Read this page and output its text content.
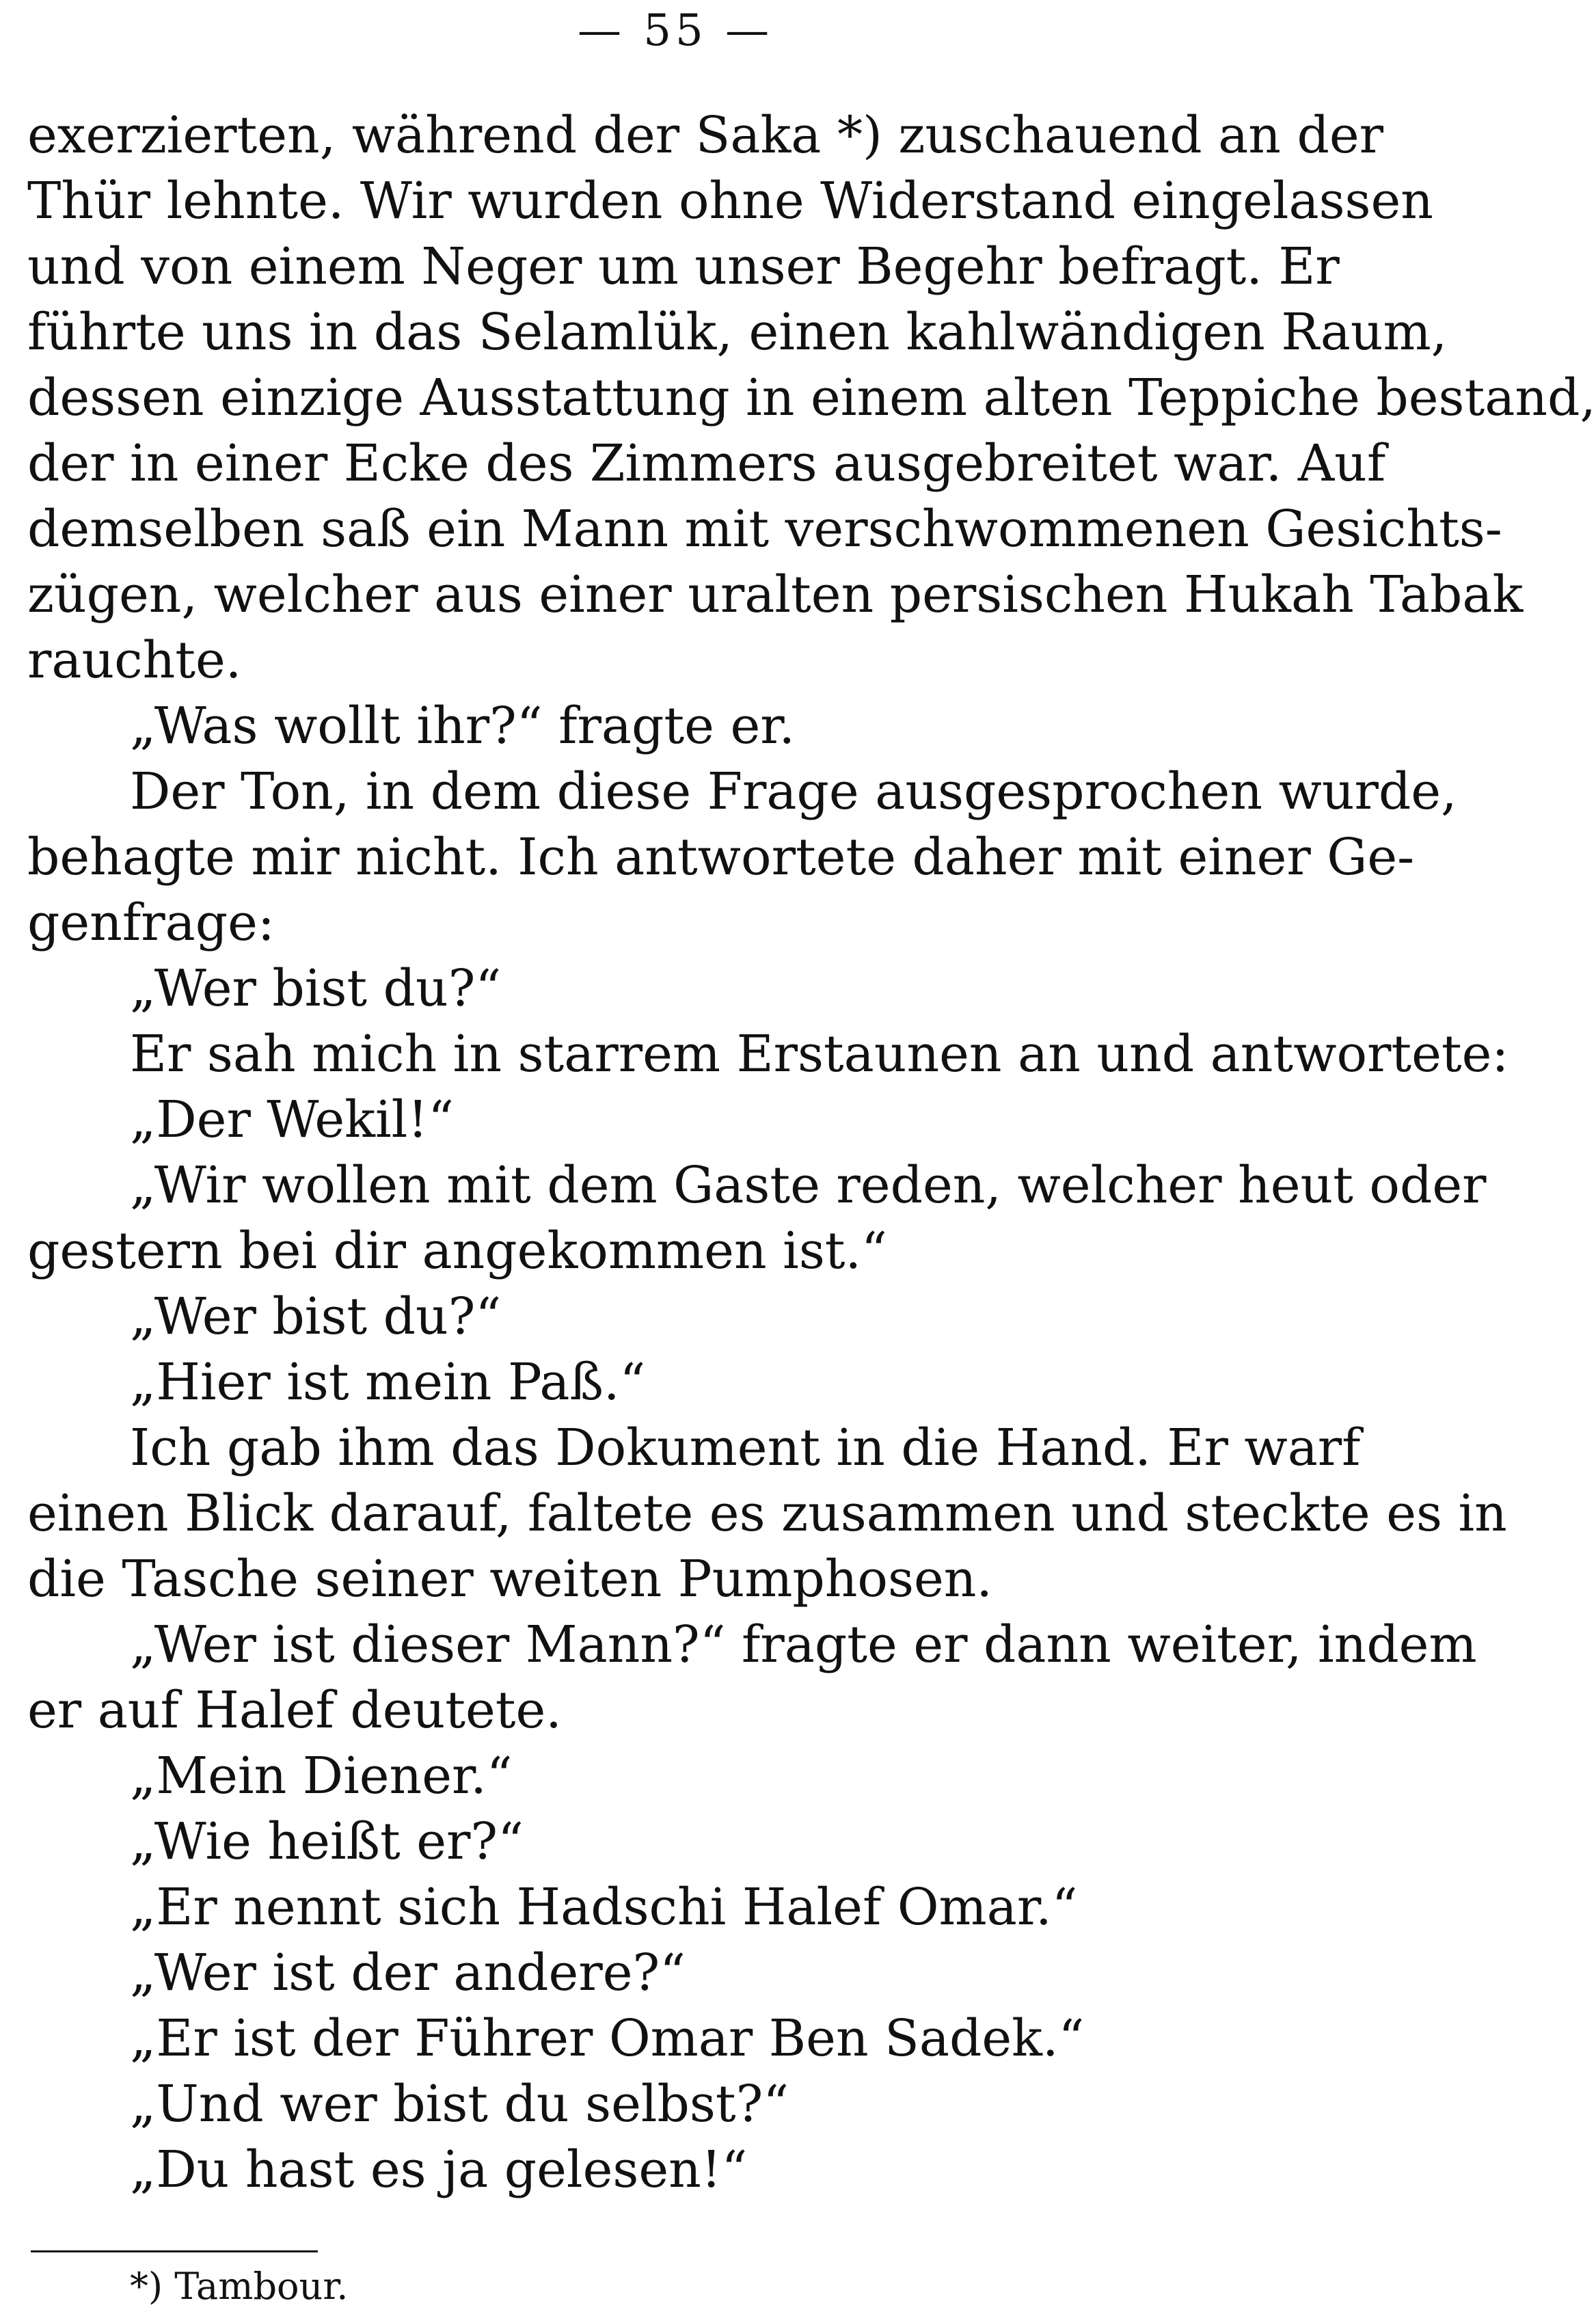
— 55 —
exerzierten, während der Saka *) zuschauend an der
Thür lehnte. Wir wurden ohne Widerstand eingelassen
und von einem Neger um unser Begehr befragt. Er
führte uns in das Selamlük, einen kahlwändigen Raum,
dessen einzige Ausstattung in einem alten Teppiche bestand,
der in einer Ecke des Zimmers ausgebreitet war. Auf
demselben saß ein Mann mit verschwommenen Gesichts-
zügen, welcher aus einer uralten persischen Hukah Tabak
rauchte.
„Was wollt ihr?“ fragte er.
Der Ton, in dem diese Frage ausgesprochen wurde,
behagte mir nicht. Ich antwortete daher mit einer Ge-
genfrage:
„Wer bist du?“
Er sah mich in starrem Erstaunen an und antwortete:
„Der Wekil!“
„Wir wollen mit dem Gaste reden, welcher heut oder
gestern bei dir angekommen ist.“
„Wer bist du?“
„Hier ist mein Paß.“
Ich gab ihm das Dokument in die Hand. Er warf
einen Blick darauf, faltete es zusammen und steckte es in
die Tasche seiner weiten Pumphosen.
„Wer ist dieser Mann?“ fragte er dann weiter, indem
er auf Halef deutete.
„Mein Diener.“
„Wie heißt er?“
„Er nennt sich Hadschi Halef Omar.“
„Wer ist der andere?“
„Er ist der Führer Omar Ben Sadek.“
„Und wer bist du selbst?“
„Du hast es ja gelesen!“
*) Tambour.
